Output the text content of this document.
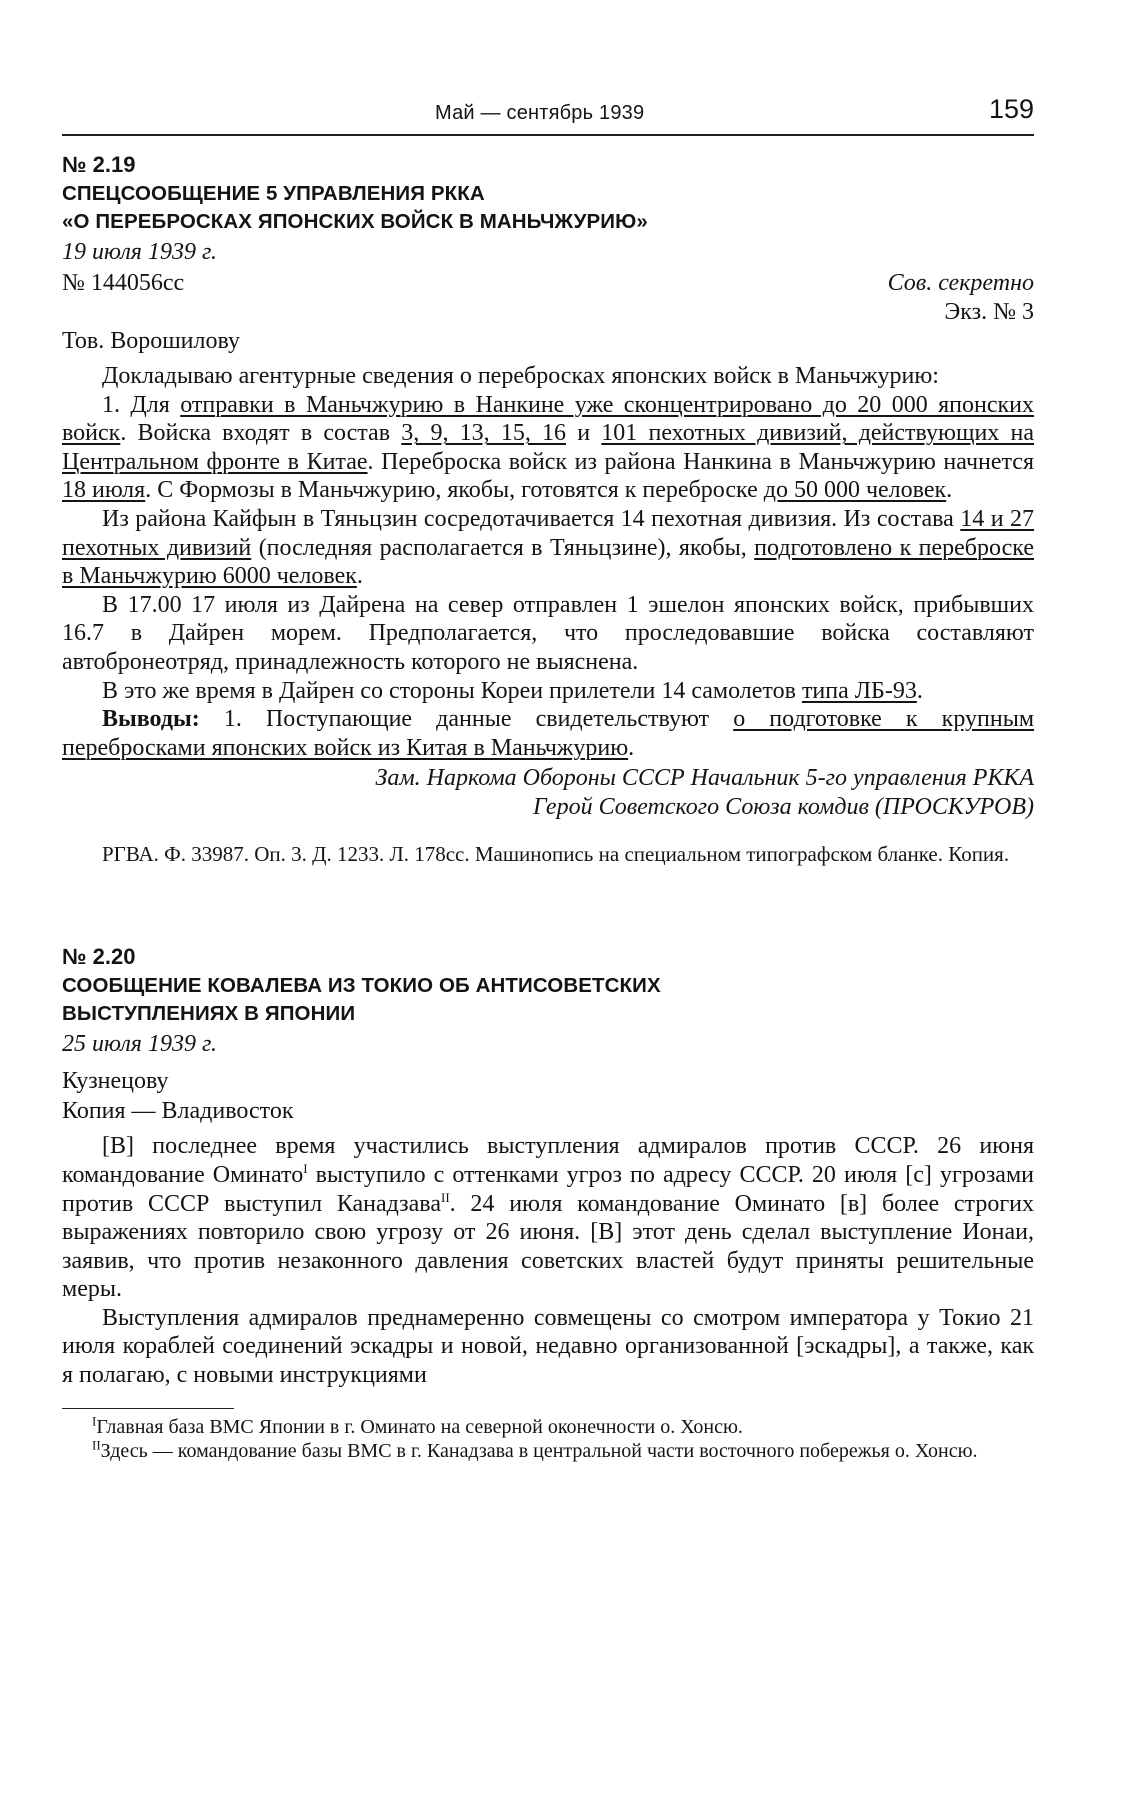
Май — сентябрь 1939	159
№ 2.19
СПЕЦСООБЩЕНИЕ 5 УПРАВЛЕНИЯ РККА
«О ПЕРЕБРОСКАХ ЯПОНСКИХ ВОЙСК В МАНЬЧЖУРИЮ»
19 июля 1939 г.
№ 144056сс	Сов. секретно
Экз. № 3
Тов. Ворошилову

Докладываю агентурные сведения о перебросках японских войск в Маньчжурию:

1. Для отправки в Маньчжурию в Нанкине уже сконцентрировано до 20 000 японских войск. Войска входят в состав 3, 9, 13, 15, 16 и 101 пехотных дивизий, действующих на Центральном фронте в Китае. Переброска войск из района Нанкина в Маньчжурию начнется 18 июля. С Формозы в Маньчжурию, якобы, готовятся к переброске до 50 000 человек.

Из района Кайфын в Тяньцзин сосредотачивается 14 пехотная дивизия. Из состава 14 и 27 пехотных дивизий (последняя располагается в Тяньцзине), якобы, подготовлено к переброске в Маньчжурию 6000 человек.

В 17.00 17 июля из Дайрена на север отправлен 1 эшелон японских войск, прибывших 16.7 в Дайрен морем. Предполагается, что проследовавшие войска составляют автобронеотряд, принадлежность которого не выяснена.

В это же время в Дайрен со стороны Кореи прилетели 14 самолетов типа ЛБ-93.

Выводы: 1. Поступающие данные свидетельствуют о подготовке к крупным перебросками японских войск из Китая в Маньчжурию.

Зам. Наркома Обороны СССР Начальник 5-го управления РККА
Герой Советского Союза комдив (ПРОСКУРОВ)

РГВА. Ф. 33987. Оп. 3. Д. 1233. Л. 178сс. Машинопись на специальном типографском бланке. Копия.

№ 2.20
СООБЩЕНИЕ КОВАЛЕВА ИЗ ТОКИО ОБ АНТИСОВЕТСКИХ
ВЫСТУПЛЕНИЯХ В ЯПОНИИ
25 июля 1939 г.
Кузнецову
Копия — Владивосток

[В] последнее время участились выступления адмиралов против СССР. 26 июня командование Оминато$^I$ выступило с оттенками угроз по адресу СССР. 20 июля [с] угрозами против СССР выступил Канадзава$^{II}$. 24 июля командование Оминато [в] более строгих выражениях повторило свою угрозу от 26 июня. [В] этот день сделал выступление Ионаи, заявив, что против незаконного давления советских властей будут приняты решительные меры.

Выступления адмиралов преднамеренно совмещены со смотром императора у Токио 21 июля кораблей соединений эскадры и новой, недавно организованной [эскадры], а также, как я полагаю, с новыми инструкциями

$^I$Главная база ВМС Японии в г. Оминато на северной оконечности о. Хонсю.

$^{II}$Здесь — командование базы ВМС в г. Канадзава в центральной части восточного побережья о. Хонсю.
